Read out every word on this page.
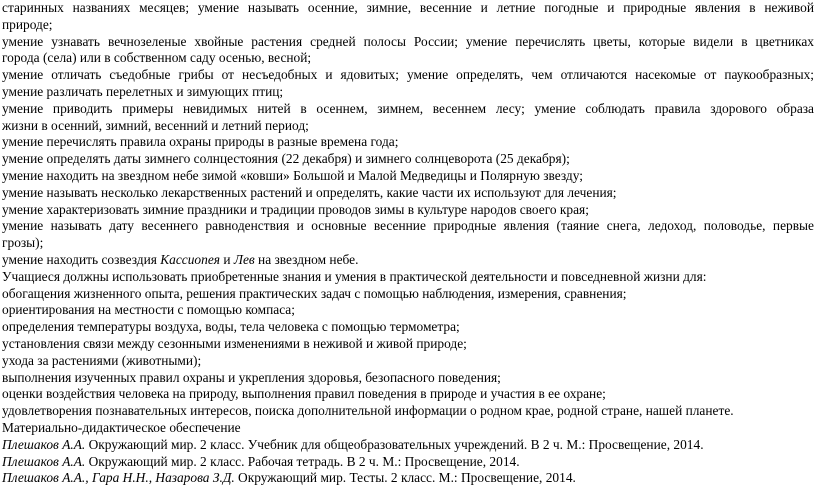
старинных названиях месяцев; умение называть осенние, зимние, весенние и летние погодные и природные явления в неживой

природе;

умение узнавать вечнозеленые хвойные растения средней полосы России; умение перечислять цветы, которые видели в цветниках

города (села) или в собственном саду осенью, весной;

умение отличать съедобные грибы от несъедобных и ядовитых; умение определять, чем отличаются насекомые от паукообразных;

умение различать перелетных и зимующих птиц;

умение приводить примеры невидимых нитей в осеннем, зимнем, весеннем лесу; умение соблюдать правила здорового образа

жизни в осенний, зимний, весенний и летний период;

умение перечислять правила охраны природы в разные времена года;

умение определять даты зимнего солнцестояния (22 декабря) и зимнего солнцеворота (25 декабря);

умение находить на звездном небе зимой «ковши» Большой и Малой Медведицы и Полярную звезду;

умение называть несколько лекарственных растений и определять, какие части их используют для лечения;

умение характеризовать зимние праздники и традиции проводов зимы в культуре народов своего края;

умение называть дату весеннего равноденствия и основные весенние природные явления (таяние снега, ледоход, половодье, первые

грозы);

умение находить созвездия Кассиопея и Лев на звездном небе.

Учащиеся должны использовать приобретенные знания и умения в практической деятельности и повседневной жизни для:

обогащения жизненного опыта, решения практических задач с помощью наблюдения, измерения, сравнения;

ориентирования на местности с помощью компаса;

определения температуры воздуха, воды, тела человека с помощью термометра;

установления связи между сезонными изменениями в неживой и живой природе;

ухода за растениями (животными);

выполнения изученных правил охраны и укрепления здоровья, безопасного поведения;

оценки воздействия человека на природу, выполнения правил поведения в природе и участия в ее охране;

удовлетворения познавательных интересов, поиска дополнительной информации о родном крае, родной стране, нашей планете.

Материально-дидактическое обеспечение

Плешаков А.А. Окружающий мир. 2 класс. Учебник для общеобразовательных учреждений. В 2 ч. М.: Просвещение, 2014.

Плешаков А.А. Окружающий мир. 2 класс. Рабочая тетрадь. В 2 ч. М.: Просвещение, 2014.

Плешаков А.А., Гара Н.Н., Назарова З.Д. Окружающий мир. Тесты. 2 класс. М.: Просвещение, 2014.
